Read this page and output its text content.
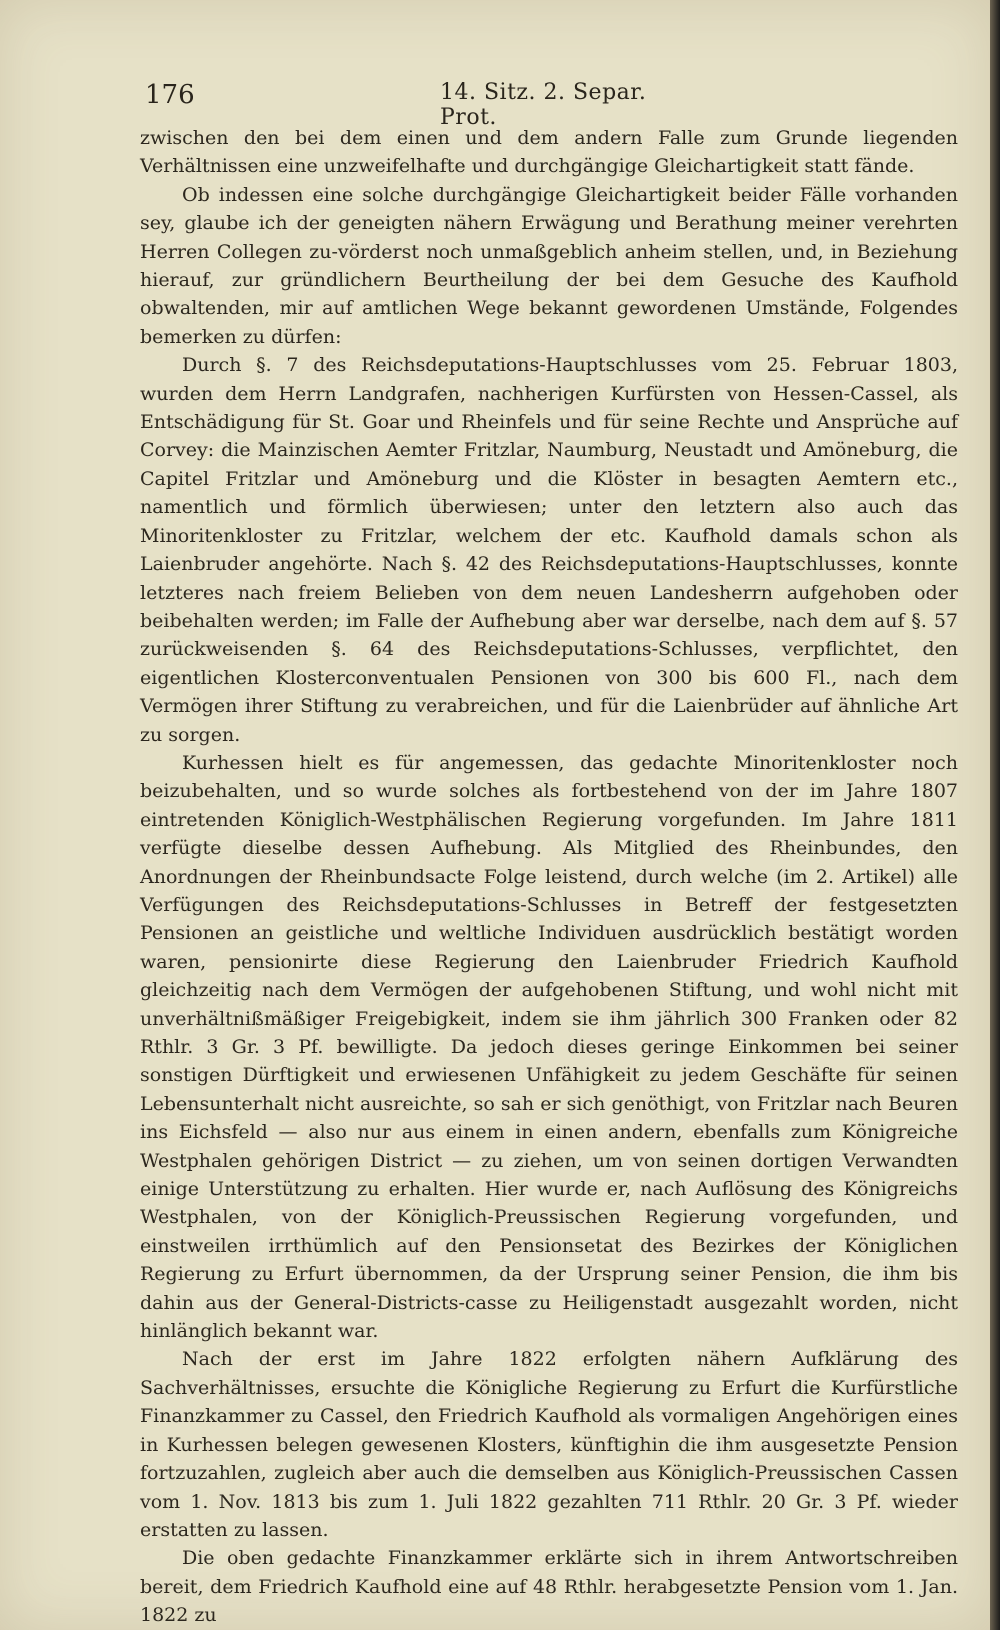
176	14. Sitz. 2. Separ. Prot.

zwischen den bei dem einen und dem andern Falle zum Grunde liegenden Verhältnissen eine unzweifelhafte und durchgängige Gleichartigkeit statt fände.

Ob indessen eine solche durchgängige Gleichartigkeit beider Fälle vorhanden sey, glaube ich der geneigten nähern Erwägung und Berathung meiner verehrten Herren Collegen zu-vörderst noch unmaßgeblich anheim stellen, und, in Beziehung hierauf, zur gründlichern Beurtheilung der bei dem Gesuche des Kaufhold obwaltenden, mir auf amtlichen Wege bekannt gewordenen Umstände, Folgendes bemerken zu dürfen:

Durch §. 7 des Reichsdeputations-Hauptschlusses vom 25. Februar 1803, wurden dem Herrn Landgrafen, nachherigen Kurfürsten von Hessen-Cassel, als Entschädigung für St. Goar und Rheinfels und für seine Rechte und Ansprüche auf Corvey: die Mainzischen Aemter Fritzlar, Naumburg, Neustadt und Amöneburg, die Capitel Fritzlar und Amöneburg und die Klöster in besagten Aemtern etc., namentlich und förmlich überwiesen; unter den letztern also auch das Minoritenkloster zu Fritzlar, welchem der etc. Kaufhold damals schon als Laienbruder angehörte. Nach §. 42 des Reichsdeputations-Hauptschlusses, konnte letzteres nach freiem Belieben von dem neuen Landesherrn aufgehoben oder beibehalten werden; im Falle der Aufhebung aber war derselbe, nach dem auf §. 57 zurückweisenden §. 64 des Reichsdeputations-Schlusses, verpflichtet, den eigentlichen Klosterconventualen Pensionen von 300 bis 600 Fl., nach dem Vermögen ihrer Stiftung zu verabreichen, und für die Laienbrüder auf ähnliche Art zu sorgen.

Kurhessen hielt es für angemessen, das gedachte Minoritenkloster noch beizubehalten, und so wurde solches als fortbestehend von der im Jahre 1807 eintretenden Königlich-Westphälischen Regierung vorgefunden. Im Jahre 1811 verfügte dieselbe dessen Aufhebung. Als Mitglied des Rheinbundes, den Anordnungen der Rheinbundsacte Folge leistend, durch welche (im 2. Artikel) alle Verfügungen des Reichsdeputations-Schlusses in Betreff der festgesetzten Pensionen an geistliche und weltliche Individuen ausdrücklich bestätigt worden waren, pensionirte diese Regierung den Laienbruder Friedrich Kaufhold gleichzeitig nach dem Vermögen der aufgehobenen Stiftung, und wohl nicht mit unverhältnißmäßiger Freigebigkeit, indem sie ihm jährlich 300 Franken oder 82 Rthlr. 3 Gr. 3 Pf. bewilligte. Da jedoch dieses geringe Einkommen bei seiner sonstigen Dürftigkeit und erwiesenen Unfähigkeit zu jedem Geschäfte für seinen Lebensunterhalt nicht ausreichte, so sah er sich genöthigt, von Fritzlar nach Beuren ins Eichsfeld — also nur aus einem in einen andern, ebenfalls zum Königreiche Westphalen gehörigen District — zu ziehen, um von seinen dortigen Verwandten einige Unterstützung zu erhalten. Hier wurde er, nach Auflösung des Königreichs Westphalen, von der Königlich-Preussischen Regierung vorgefunden, und einstweilen irrthümlich auf den Pensionsetat des Bezirkes der Königlichen Regierung zu Erfurt übernommen, da der Ursprung seiner Pension, die ihm bis dahin aus der General-Districts-casse zu Heiligenstadt ausgezahlt worden, nicht hinlänglich bekannt war.

Nach der erst im Jahre 1822 erfolgten nähern Aufklärung des Sachverhältnisses, ersuchte die Königliche Regierung zu Erfurt die Kurfürstliche Finanzkammer zu Cassel, den Friedrich Kaufhold als vormaligen Angehörigen eines in Kurhessen belegen gewesenen Klosters, künftighin die ihm ausgesetzte Pension fortzuzahlen, zugleich aber auch die demselben aus Königlich-Preussischen Cassen vom 1. Nov. 1813 bis zum 1. Juli 1822 gezahlten 711 Rthlr. 20 Gr. 3 Pf. wieder erstatten zu lassen.

Die oben gedachte Finanzkammer erklärte sich in ihrem Antwortschreiben bereit, dem Friedrich Kaufhold eine auf 48 Rthlr. herabgesetzte Pension vom 1. Jan. 1822 zu
